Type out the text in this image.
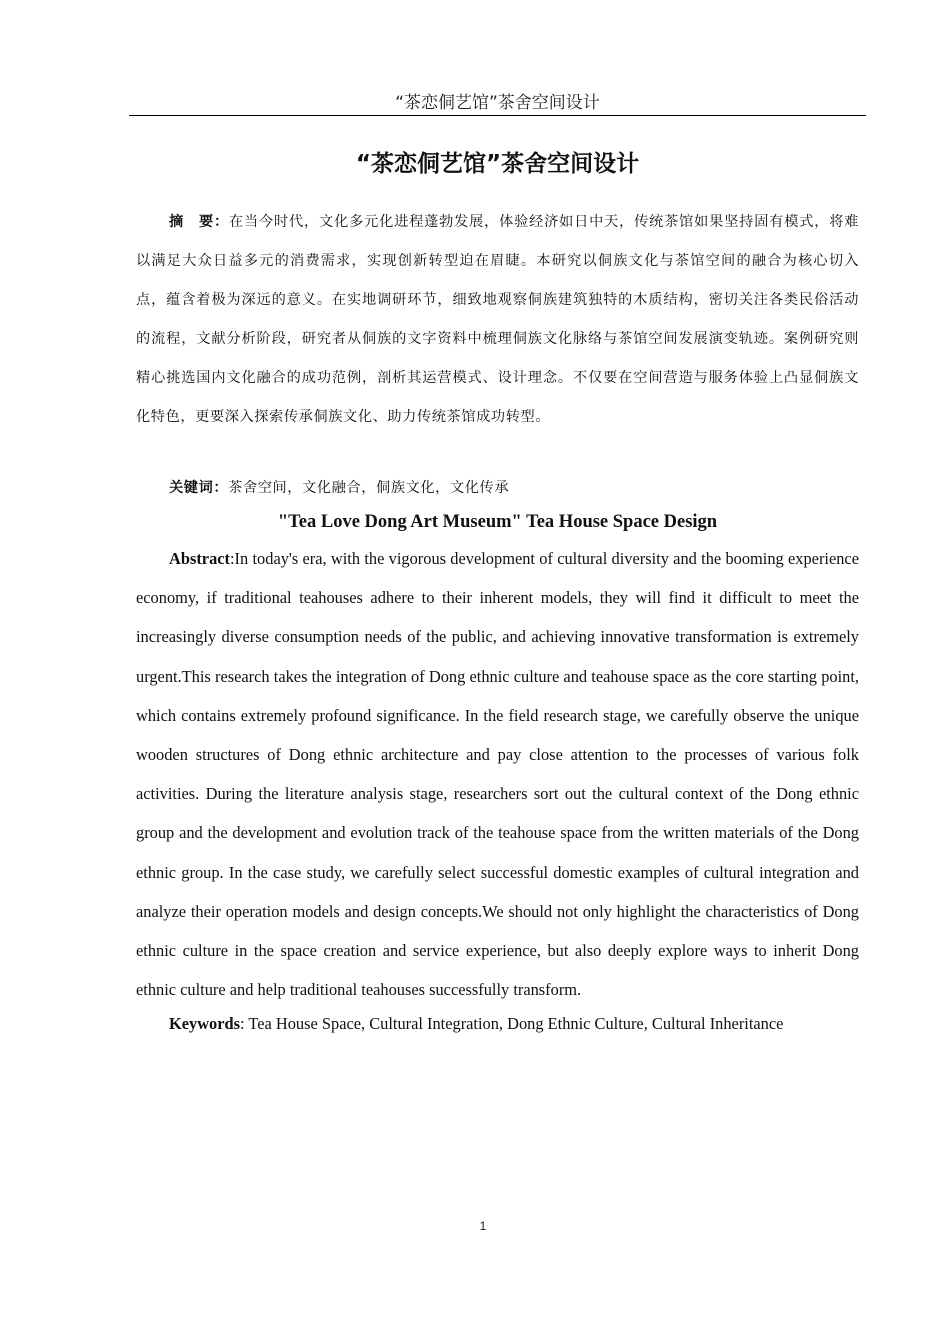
“茶恋侗艺馆”茶舍空间设计
“茶恋侗艺馆”茶舍空间设计

摘　要：在当今时代，文化多元化进程蓬勃发展，体验经济如日中天，传统茶馆如果坚持固有模式，将难以满足大众日益多元的消费需求，实现创新转型迫在眉睫。本研究以侗族文化与茶馆空间的融合为核心切入点，蕴含着极为深远的意义。在实地调研环节，细致地观察侗族建筑独特的木质结构，密切关注各类民俗活动的流程，文献分析阶段，研究者从侗族的文字资料中梳理侗族文化脉络与茶馆空间发展演变轨迹。案例研究则精心挑选国内文化融合的成功范例，剖析其运营模式、设计理念。不仅要在空间营造与服务体验上凸显侗族文化特色，更要深入探索传承侗族文化、助力传统茶馆成功转型。

关键词：茶舍空间，文化融合，侗族文化，文化传承

"Tea Love Dong Art Museum" Tea House Space Design

Abstract:In today's era, with the vigorous development of cultural diversity and the booming experience economy, if traditional teahouses adhere to their inherent models, they will find it difficult to meet the increasingly diverse consumption needs of the public, and achieving innovative transformation is extremely urgent.This research takes the integration of Dong ethnic culture and teahouse space as the core starting point, which contains extremely profound significance. In the field research stage, we carefully observe the unique wooden structures of Dong ethnic architecture and pay close attention to the processes of various folk activities. During the literature analysis stage, researchers sort out the cultural context of the Dong ethnic group and the development and evolution track of the teahouse space from the written materials of the Dong ethnic group. In the case study, we carefully select successful domestic examples of cultural integration and analyze their operation models and design concepts.We should not only highlight the characteristics of Dong ethnic culture in the space creation and service experience, but also deeply explore ways to inherit Dong ethnic culture and help traditional teahouses successfully transform.

Keywords: Tea House Space, Cultural Integration, Dong Ethnic Culture, Cultural Inheritance

1
